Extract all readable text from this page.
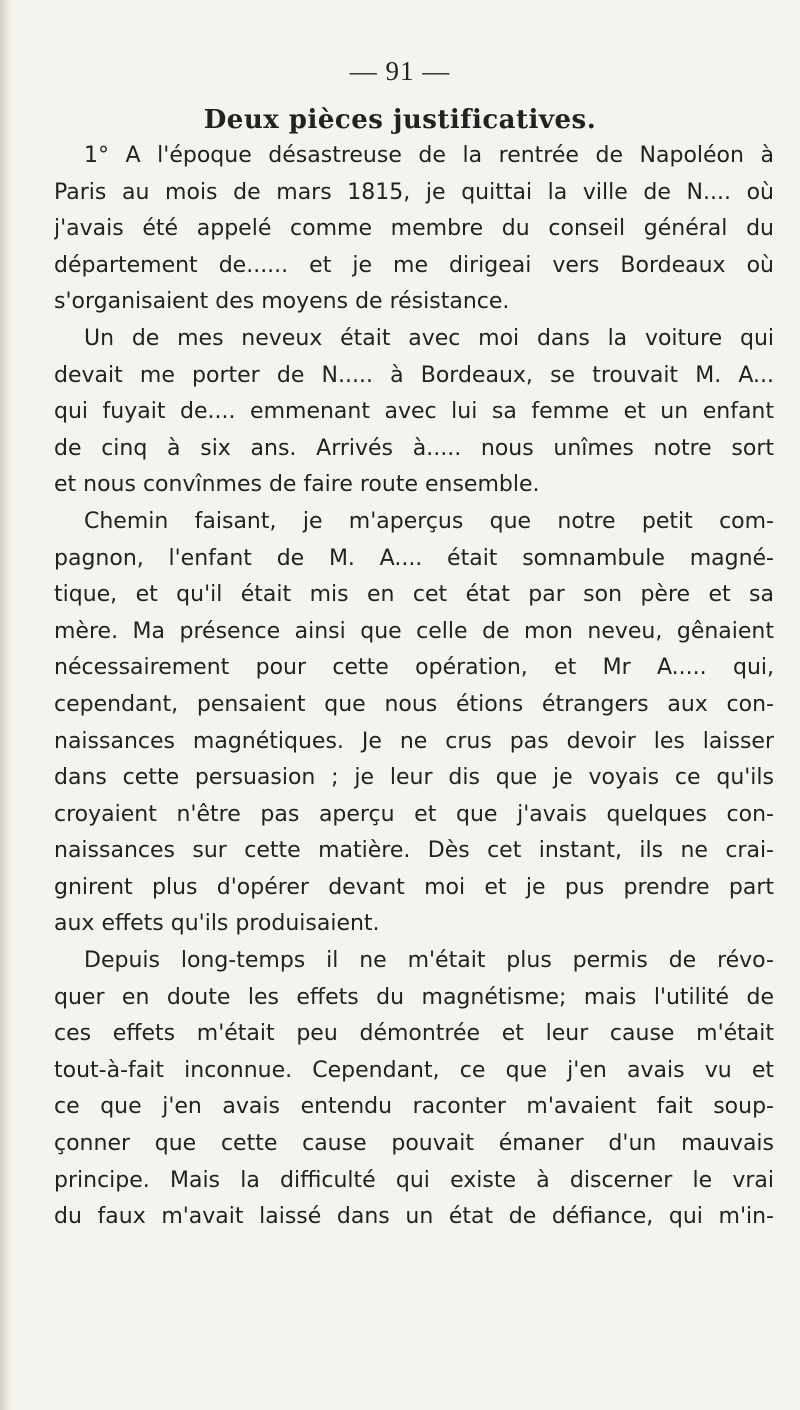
— 91 —
Deux pièces justificatives.
1° A l'époque désastreuse de la rentrée de Napoléon à
Paris au mois de mars 1815, je quittai la ville de N.... où
j'avais été appelé comme membre du conseil général du
département de...... et je me dirigeai vers Bordeaux où
s'organisaient des moyens de résistance.
Un de mes neveux était avec moi dans la voiture qui
devait me porter de N..... à Bordeaux, se trouvait M. A...
qui fuyait de.... emmenant avec lui sa femme et un enfant
de cinq à six ans. Arrivés à..... nous unîmes notre sort
et nous convînmes de faire route ensemble.
Chemin faisant, je m'aperçus que notre petit com-
pagnon, l'enfant de M. A.... était somnambule magné-
tique, et qu'il était mis en cet état par son père et sa
mère. Ma présence ainsi que celle de mon neveu, gênaient
nécessairement pour cette opération, et Mr A..... qui,
cependant, pensaient que nous étions étrangers aux con-
naissances magnétiques. Je ne crus pas devoir les laisser
dans cette persuasion ; je leur dis que je voyais ce qu'ils
croyaient n'être pas aperçu et que j'avais quelques con-
naissances sur cette matière. Dès cet instant, ils ne crai-
gnirent plus d'opérer devant moi et je pus prendre part
aux effets qu'ils produisaient.
Depuis long-temps il ne m'était plus permis de révo-
quer en doute les effets du magnétisme; mais l'utilité de
ces effets m'était peu démontrée et leur cause m'était
tout-à-fait inconnue. Cependant, ce que j'en avais vu et
ce que j'en avais entendu raconter m'avaient fait soup-
çonner que cette cause pouvait émaner d'un mauvais
principe. Mais la difficulté qui existe à discerner le vrai
du faux m'avait laissé dans un état de défiance, qui m'in-
